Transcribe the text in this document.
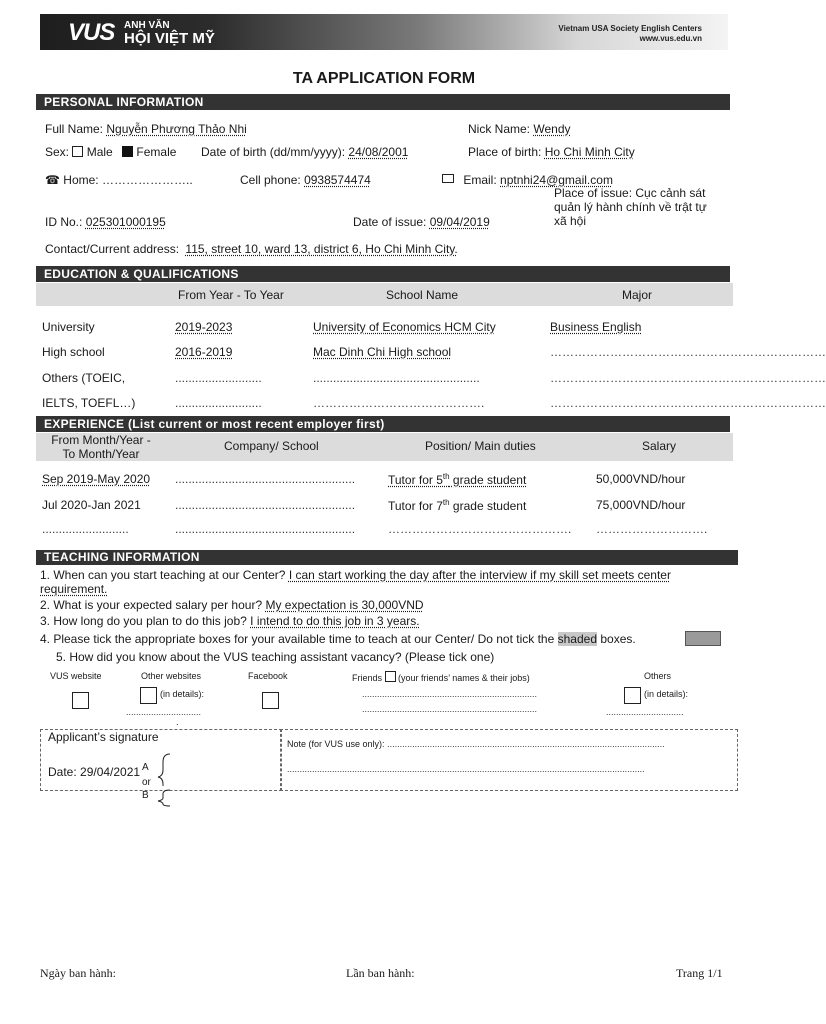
VUS ANH VĂN
HỘI VIỆT MỸ
Vietnam USA Society English Centers
www.vus.edu.vn
TA APPLICATION FORM
PERSONAL INFORMATION
Full Name: Nguyễn Phương Thảo Nhi	Nick Name: Wendy
Sex: Male Female Date of birth (dd/mm/yyyy): 24/08/2001	Place of birth: Ho Chi Minh City
☎ Home: …………………..	Cell phone: 0938574474	Email: nptnhi24@gmail.com
Place of issue: Cục cảnh sát
quản lý hành chính về trật tự
xã hội
ID No.: 025301000195	Date of issue: 09/04/2019
Contact/Current address: 115, street 10, ward 13, district 6, Ho Chi Minh City.
EDUCATION & QUALIFICATIONS
From Year - To Year	School Name	Major
University	2019-2023	University of Economics HCM City	Business English
High school	2016-2019	Mac Dinh Chi High school	……………………………………………………………
Others (TOEIC,	..........................	..................................................	……………………………………………………………
IELTS, TOEFL…)	..........................	…………………………………….	……………………………………………………………
EXPERIENCE (List current or most recent employer first)
From Month/Year -
To Month/Year
Company/ School	Position/ Main duties	Salary
Sep 2019-May 2020 ......................................................	Tutor for 5th grade student	50,000VND/hour
Jul 2020-Jan 2021	......................................................	Tutor for 7th grade student	75,000VND/hour
..........................	......................................................	………………………………………. ……………………….
TEACHING INFORMATION
1. When can you start teaching at our Center? I can start working the day after the interview if my skill set meets center
requirement.
2. What is your expected salary per hour? My expectation is 30,000VND
3. How long do you plan to do this job? I intend to do this job in 3 years.
4. Please tick the appropriate boxes for your available time to teach at our Center/ Do not tick the shaded boxes.
5. How did you know about the VUS teaching assistant vacancy? (Please tick one)
VUS website	Other websites
(in details):
..............................
.
Facebook	Friends (your friends’ names & their jobs)
......................................................................
......................................................................
Others
(in details):
...............................
Applicant’s signature
Date: 29/04/2021
Note (for VUS use only): ...............................................................................................................
...............................................................................................................................................
A
or
B
Ngày ban hành:	Lần ban hành:	Trang 1/1
